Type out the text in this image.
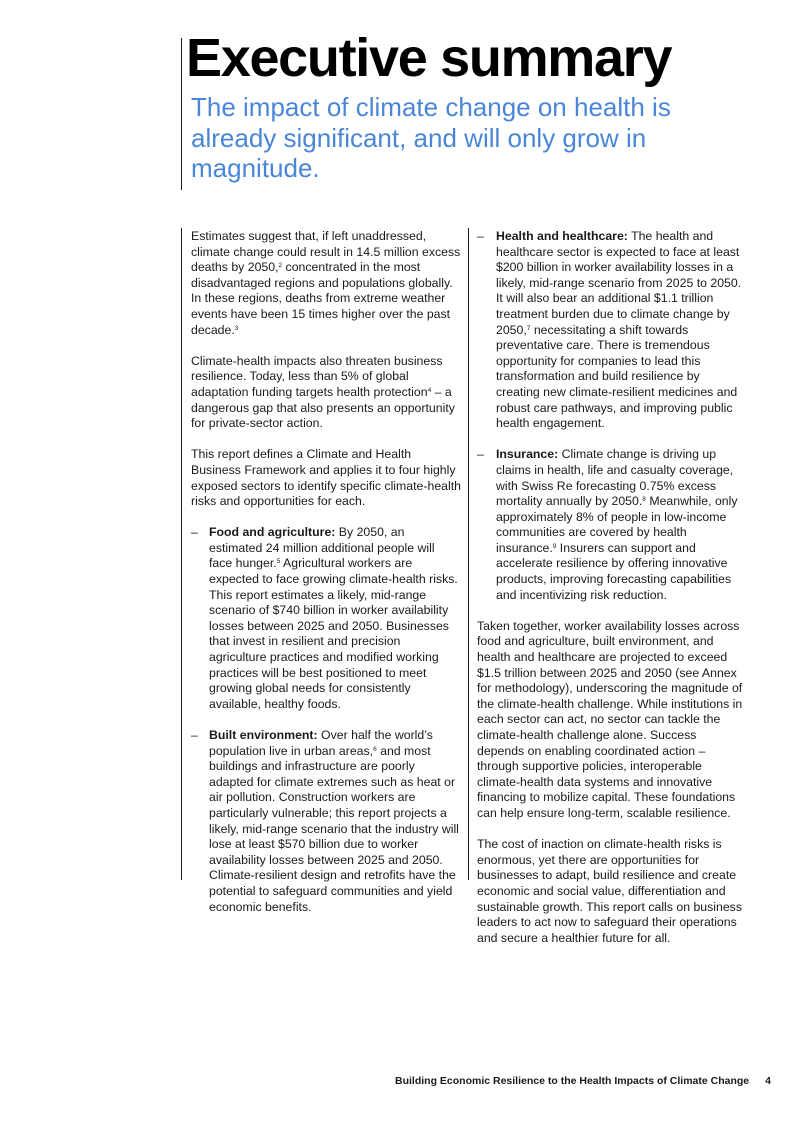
Executive summary
The impact of climate change on health is already significant, and will only grow in magnitude.

Estimates suggest that, if left unaddressed, climate change could result in 14.5 million excess deaths by 2050,$^2$ concentrated in the most disadvantaged regions and populations globally. In these regions, deaths from extreme weather events have been 15 times higher over the past decade.$^3$

Climate-health impacts also threaten business resilience. Today, less than 5% of global adaptation funding targets health protection$^4$ – a dangerous gap that also presents an opportunity for private-sector action.

This report defines a Climate and Health Business Framework and applies it to four highly exposed sectors to identify specific climate-health risks and opportunities for each.

– Food and agriculture: By 2050, an estimated 24 million additional people will face hunger.$^5$ Agricultural workers are expected to face growing climate-health risks. This report estimates a likely, mid-range scenario of $740 billion in worker availability losses between 2025 and 2050. Businesses that invest in resilient and precision agriculture practices and modified working practices will be best positioned to meet growing global needs for consistently available, healthy foods.
– Built environment: Over half the world’s population live in urban areas,$^6$ and most buildings and infrastructure are poorly adapted for climate extremes such as heat or air pollution. Construction workers are particularly vulnerable; this report projects a likely, mid-range scenario that the industry will lose at least $570 billion due to worker availability losses between 2025 and 2050. Climate-resilient design and retrofits have the potential to safeguard communities and yield economic benefits.
– Health and healthcare: The health and healthcare sector is expected to face at least $200 billion in worker availability losses in a likely, mid-range scenario from 2025 to 2050. It will also bear an additional $1.1 trillion treatment burden due to climate change by 2050,$^7$ necessitating a shift towards preventative care. There is tremendous opportunity for companies to lead this transformation and build resilience by creating new climate-resilient medicines and robust care pathways, and improving public health engagement.
– Insurance: Climate change is driving up claims in health, life and casualty coverage, with Swiss Re forecasting 0.75% excess mortality annually by 2050.$^8$ Meanwhile, only approximately 8% of people in low-income communities are covered by health insurance.$^9$ Insurers can support and accelerate resilience by offering innovative products, improving forecasting capabilities and incentivizing risk reduction.

Taken together, worker availability losses across food and agriculture, built environment, and health and healthcare are projected to exceed $1.5 trillion between 2025 and 2050 (see Annex for methodology), underscoring the magnitude of the climate-health challenge. While institutions in each sector can act, no sector can tackle the climate-health challenge alone. Success depends on enabling coordinated action – through supportive policies, interoperable climate-health data systems and innovative financing to mobilize capital. These foundations can help ensure long-term, scalable resilience.

The cost of inaction on climate-health risks is enormous, yet there are opportunities for businesses to adapt, build resilience and create economic and social value, differentiation and sustainable growth. This report calls on business leaders to act now to safeguard their operations and secure a healthier future for all.

Building Economic Resilience to the Health Impacts of Climate Change 4
